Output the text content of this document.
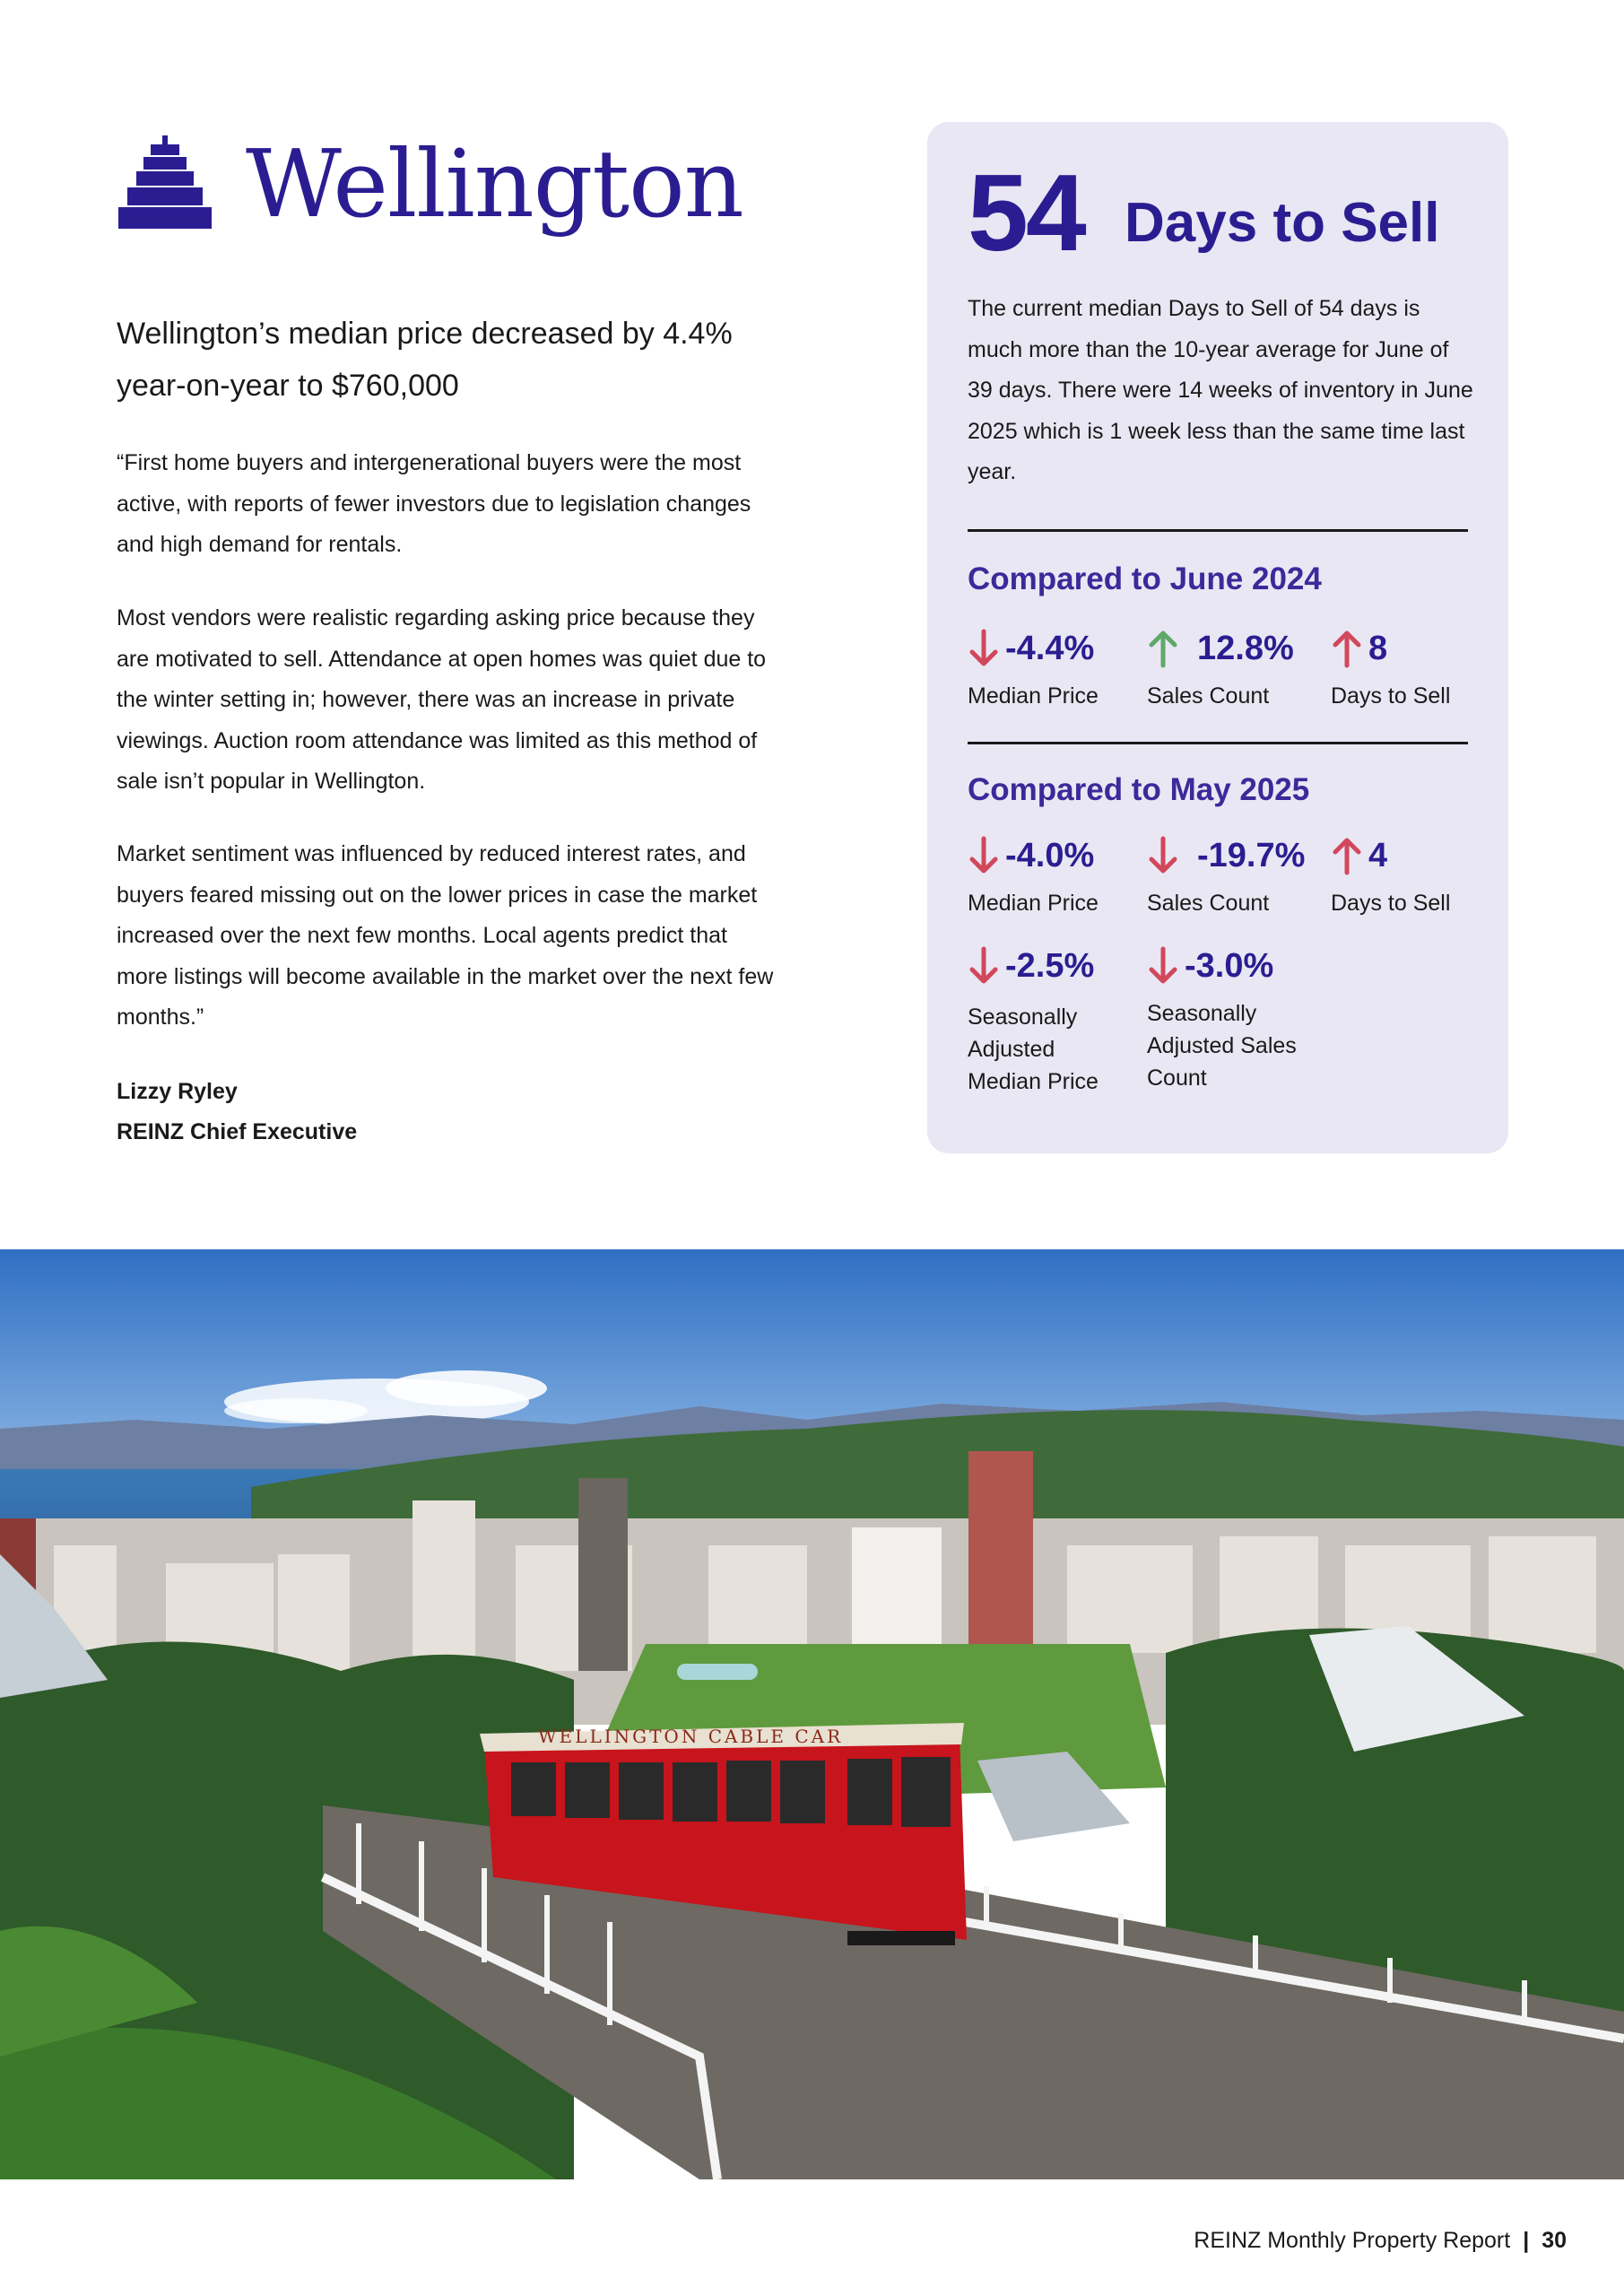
Wellington
Wellington’s median price decreased by 4.4% year-on-year to $760,000

“First home buyers and intergenerational buyers were the most active, with reports of fewer investors due to legislation changes and high demand for rentals.

Most vendors were realistic regarding asking price because they are motivated to sell. Attendance at open homes was quiet due to the winter setting in; however, there was an increase in private viewings. Auction room attendance was limited as this method of sale isn’t popular in Wellington.

Market sentiment was influenced by reduced interest rates, and buyers feared missing out on the lower prices in case the market increased over the next few months. Local agents predict that more listings will become available in the market over the next few months.”

Lizzy Ryley
REINZ Chief Executive
54 Days to Sell

The current median Days to Sell of 54 days is much more than the 10-year average for June of 39 days. There were 14 weeks of inventory in June 2025 which is 1 week less than the same time last year.

Compared to June 2024
-4.4%
Median Price
12.8%
Sales Count
8
Days to Sell
Compared to May 2025
-4.0%
Median Price
-19.7%
Sales Count
4
Days to Sell
-2.5%
Seasonally Adjusted Median Price
-3.0%
Seasonally Adjusted Sales Count
WELLINGTON CABLE CAR
REINZ Monthly Property Report | 30
